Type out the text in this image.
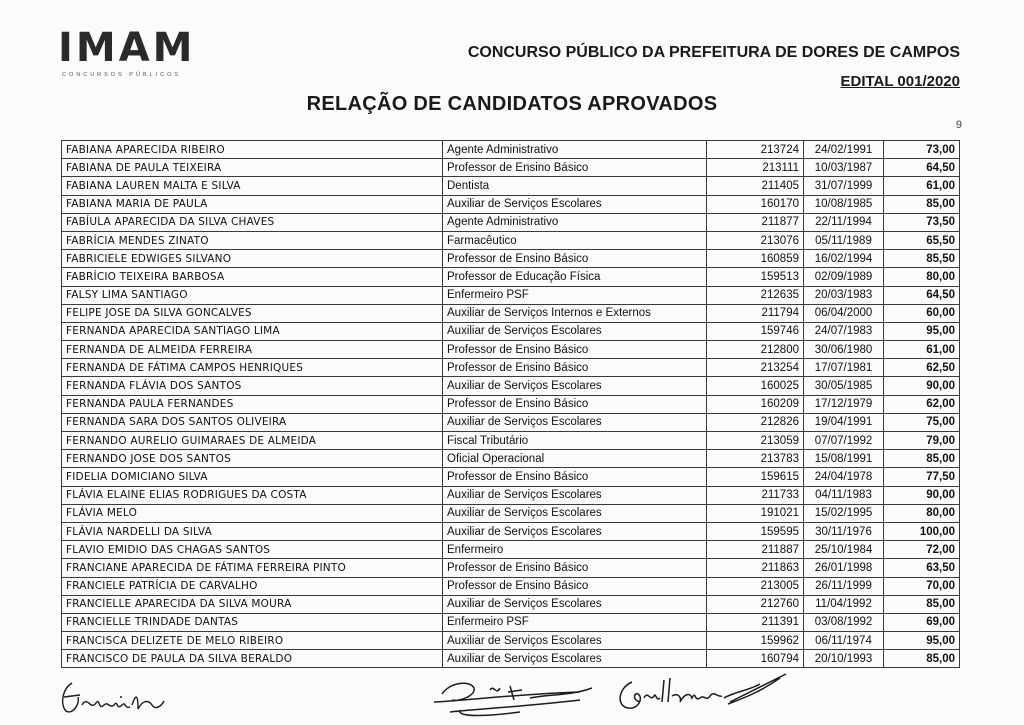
IMAM
CONCURSOS PÚBLICOS
CONCURSO PÚBLICO DA PREFEITURA DE DORES DE CAMPOS
EDITAL 001/2020
RELAÇÃO DE CANDIDATOS APROVADOS
9
FABIANA APARECIDA RIBEIRO	Agente Administrativo	213724	24/02/1991	73,00
FABIANA DE PAULA TEIXEIRA	Professor de Ensino Básico	213111	10/03/1987	64,50
FABIANA LAUREN MALTA E SILVA	Dentista	211405	31/07/1999	61,00
FABIANA MARIA DE PAULA	Auxiliar de Serviços Escolares	160170	10/08/1985	85,00
FABÍULA APARECIDA DA SILVA CHAVES	Agente Administrativo	211877	22/11/1994	73,50
FABRÍCIA MENDES ZINATO	Farmacêutico	213076	05/11/1989	65,50
FABRICIELE EDWIGES SILVANO	Professor de Ensino Básico	160859	16/02/1994	85,50
FABRÍCIO TEIXEIRA BARBOSA	Professor de Educação Física	159513	02/09/1989	80,00
FALSY LIMA SANTIAGO	Enfermeiro PSF	212635	20/03/1983	64,50
FELIPE JOSE DA SILVA GONCALVES	Auxiliar de Serviços Internos e Externos	211794	06/04/2000	60,00
FERNANDA APARECIDA SANTIAGO LIMA	Auxiliar de Serviços Escolares	159746	24/07/1983	95,00
FERNANDA DE ALMEIDA FERREIRA	Professor de Ensino Básico	212800	30/06/1980	61,00
FERNANDA DE FÁTIMA CAMPOS HENRIQUES	Professor de Ensino Básico	213254	17/07/1981	62,50
FERNANDA FLÁVIA DOS SANTOS	Auxiliar de Serviços Escolares	160025	30/05/1985	90,00
FERNANDA PAULA FERNANDES	Professor de Ensino Básico	160209	17/12/1979	62,00
FERNANDA SARA DOS SANTOS OLIVEIRA	Auxiliar de Serviços Escolares	212826	19/04/1991	75,00
FERNANDO AURELIO GUIMARAES DE ALMEIDA	Fiscal Tributário	213059	07/07/1992	79,00
FERNANDO JOSE DOS SANTOS	Oficial Operacional	213783	15/08/1991	85,00
FIDELIA DOMICIANO SILVA	Professor de Ensino Básico	159615	24/04/1978	77,50
FLÁVIA ELAINE ELIAS RODRIGUES DA COSTA	Auxiliar de Serviços Escolares	211733	04/11/1983	90,00
FLÁVIA MELO	Auxiliar de Serviços Escolares	191021	15/02/1995	80,00
FLÁVIA NARDELLI DA SILVA	Auxiliar de Serviços Escolares	159595	30/11/1976	100,00
FLAVIO EMIDIO DAS CHAGAS SANTOS	Enfermeiro	211887	25/10/1984	72,00
FRANCIANE APARECIDA DE FÁTIMA FERREIRA PINTO	Professor de Ensino Básico	211863	26/01/1998	63,50
FRANCIELE PATRÍCIA DE CARVALHO	Professor de Ensino Básico	213005	26/11/1999	70,00
FRANCIELLE APARECIDA DA SILVA MOURA	Auxiliar de Serviços Escolares	212760	11/04/1992	85,00
FRANCIELLE TRINDADE DANTAS	Enfermeiro PSF	211391	03/08/1992	69,00
FRANCISCA DELIZETE DE MELO RIBEIRO	Auxiliar de Serviços Escolares	159962	06/11/1974	95,00
FRANCISCO DE PAULA DA SILVA BERALDO	Auxiliar de Serviços Escolares	160794	20/10/1993	85,00
